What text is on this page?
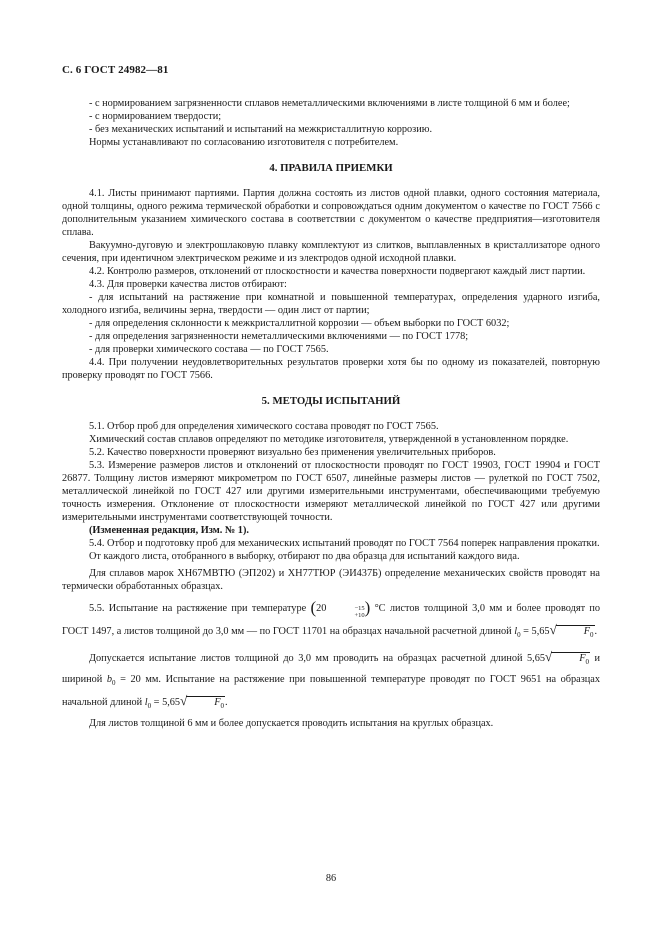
С. 6 ГОСТ 24982—81

- с нормированием загрязненности сплавов неметаллическими включениями в листе толщиной 6 мм и более;

- с нормированием твердости;

- без механических испытаний и испытаний на межкристаллитную коррозию.

Нормы устанавливают по согласованию изготовителя с потребителем.

4. ПРАВИЛА ПРИЕМКИ

4.1. Листы принимают партиями. Партия должна состоять из листов одной плавки, одного состояния материала, одной толщины, одного режима термической обработки и сопровождаться одним документом о качестве по ГОСТ 7566 с дополнительным указанием химического состава в соответствии с документом о качестве предприятия—изготовителя сплава.

Вакуумно-дуговую и электрошлаковую плавку комплектуют из слитков, выплавленных в кристаллизаторе одного сечения, при идентичном электрическом режиме и из электродов одной исходной плавки.

4.2. Контролю размеров, отклонений от плоскостности и качества поверхности подвергают каждый лист партии.

4.3. Для проверки качества листов отбирают:

- для испытаний на растяжение при комнатной и повышенной температурах, определения ударного изгиба, холодного изгиба, величины зерна, твердости — один лист от партии;

- для определения склонности к межкристаллитной коррозии — объем выборки по ГОСТ 6032;

- для определения загрязненности неметаллическими включениями — по ГОСТ 1778;

- для проверки химического состава — по ГОСТ 7565.

4.4. При получении неудовлетворительных результатов проверки хотя бы по одному из показателей, повторную проверку проводят по ГОСТ 7566.

5. МЕТОДЫ ИСПЫТАНИЙ

5.1. Отбор проб для определения химического состава проводят по ГОСТ 7565.

Химический состав сплавов определяют по методике изготовителя, утвержденной в установленном порядке.

5.2. Качество поверхности проверяют визуально без применения увеличительных приборов.

5.3. Измерение размеров листов и отклонений от плоскостности проводят по ГОСТ 19903, ГОСТ 19904 и ГОСТ 26877. Толщину листов измеряют микрометром по ГОСТ 6507, линейные размеры листов — рулеткой по ГОСТ 7502, металлической линейкой по ГОСТ 427 или другими измерительными инструментами, обеспечивающими требуемую точность измерения. Отклонение от плоскостности измеряют металлической линейкой по ГОСТ 427 или другими измерительными инструментами соответствующей точности.

(Измененная редакция, Изм. № 1).

5.4. Отбор и подготовку проб для механических испытаний проводят по ГОСТ 7564 поперек направления прокатки.

От каждого листа, отобранного в выборку, отбирают по два образца для испытаний каждого вида.

Для сплавов марок ХН67МВТЮ (ЭП202) и ХН77ТЮР (ЭИ437Б) определение механических свойств проводят на термически обработанных образцах.

5.5. Испытание на растяжение при температуре (20	−15
+10 ) °С листов толщиной 3,0 мм и более проводят по ГОСТ 1497, а листов толщиной до 3,0 мм — по ГОСТ 11701 на образцах начальной расчетной длиной $l_0 = 5,65√$	$F_0$.

Допускается испытание листов толщиной до 3,0 мм проводить на образцах расчетной длиной 5,65√	$F_0$ и шириной $b_0 = 20$ мм. Испытание на растяжение при повышенной температуре проводят по ГОСТ 9651 на образцах начальной длиной $l_0 = 5,65√$	$F_0$.

Для листов толщиной 6 мм и более допускается проводить испытания на круглых образцах.

86
